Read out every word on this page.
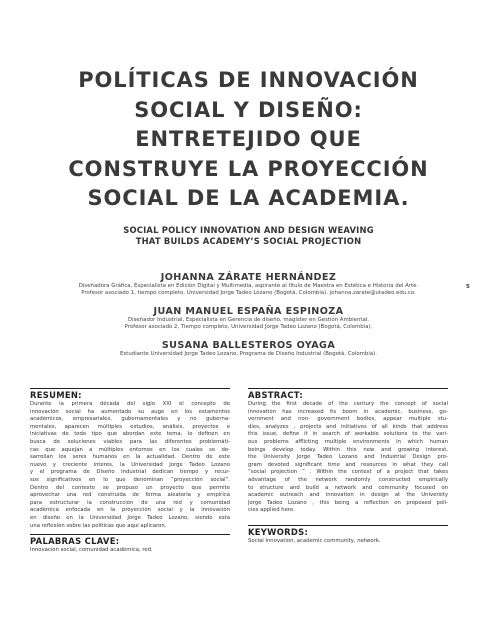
POLÍTICAS DE INNOVACIÓN
SOCIAL Y DISEÑO:
ENTRETEJIDO QUE
CONSTRUYE LA PROYECCIÓN
SOCIAL DE LA ACADEMIA.
SOCIAL POLICY INNOVATION AND DESIGN WEAVING
THAT BUILDS ACADEMY’S SOCIAL PROJECTION
5
JOHANNA ZÁRATE HERNÁNDEZ
Diseñadora Gráfica, Especialista en Edición Digital y Multimedia, aspirante al título de Maestra en Estética e Historia del Arte.
Profesor asociado 1, tiempo completo, Universidad Jorge Tadeo Lozano (Bogotá, Colombia). johanna.zarate@utadeo.edu.co.
JUAN MANUEL ESPAÑA ESPINOZA
Diseñador Industrial, Especialista en Gerencia de diseño, magíster en Gestión Ambiental.
Profesor asociado 2, Tiempo completo, Universidad Jorge Tadeo Lozano (Bogotá, Colombia).
SUSANA BALLESTEROS OYAGA
Estudiante Universidad Jorge Tadeo Lozano, Programa de Diseño Industrial (Bogotá, Colombia).
RESUMEN:
Durante la primera década del siglo XXI el concepto de
innovación social ha aumentado su auge en los estamentos
académicos, empresariales, gubernamentales y no guberna-
mentales, aparecen múltiples estudios, análisis, proyectos e
iniciativas de todo tipo que abordan este tema, lo definen en
busca de soluciones viables para las diferentes problemáti-
cas que aquejan a múltiples entornos en los cuales se de-
sarrollan los seres humanos en la actualidad. Dentro de este
nuevo y creciente interés, la Universidad Jorge Tadeo Lozano
y el programa de Diseño Industrial dedican tiempo y recur-
sos significativos en lo que denominan “proyección social”.
Dentro del contexto se propuso un proyecto que permite
aprovechar una red construida de forma aleatoria y empírica
para estructurar la construcción de una red y comunidad
académica enfocada en la proyección social y la innovación
en diseño en la Universidad Jorge Tadeo Lozano, siendo esta
una reflexión sobre las políticas que aquí aplicaron.
PALABRAS CLAVE:
Innovación social, comunidad académica, red.
ABSTRACT:
During the first decade of the century the concept of social
innovation has increased its boom in academic, business, go-
vernment and non- government bodies, appear multiple stu-
dies, analyzes , projects and initiatives of all kinds that address
this issue, define it in search of workable solutions to the vari-
ous problems afflicting multiple environments in which human
beings develop today. Within this new and growing interest,
the University Jorge Tadeo Lozano and Industrial Design pro-
gram devoted significant time and resources in what they call
“social projection ” . Within the context of a project that takes
advantage of the network randomly constructed empirically
to structure and build a network and community focused on
academic outreach and innovation in design at the University
Jorge Tadeo Lozano , this being a reflection on proposed poli-
cies applied here.
KEYWORDS:
Social Innovation, academic community, network.
